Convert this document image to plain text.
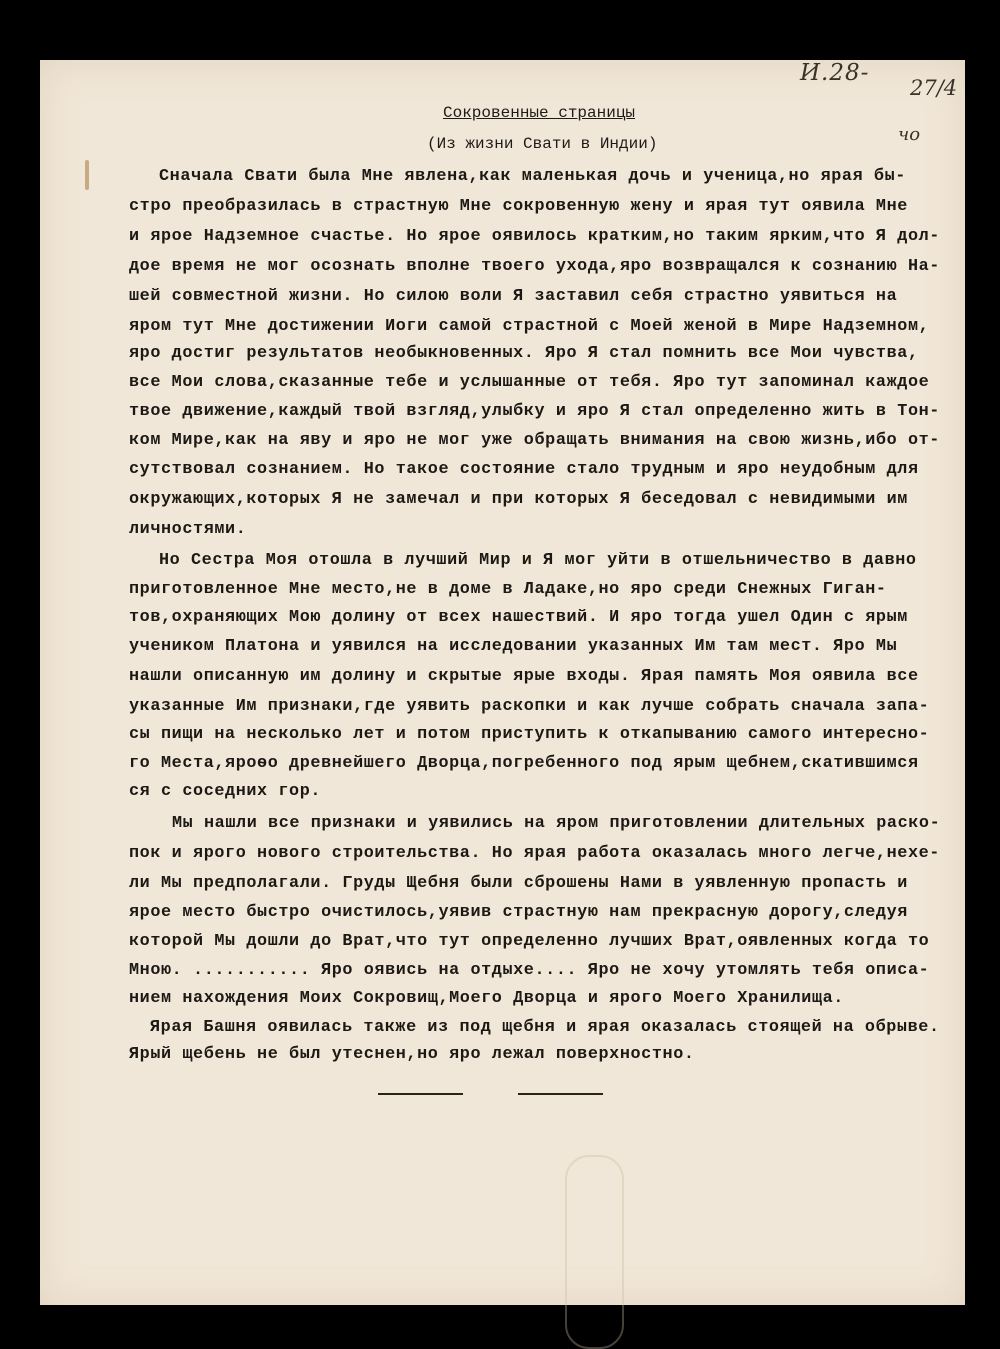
И.28-
27/4
чо
Сокровенные страницы
(Из жизни Свати в Индии)
Сначала Свати была Мне явлена,как маленькая дочь и ученица,но ярая бы-
стро преобразилась в страстную Мне сокровенную жену и ярая тут оявила Мне
и ярое Надземное счастье. Но ярое оявилось кратким,но таким ярким,что Я дол-
дое время не мог осознать вполне твоего ухода,яро возвращался к сознанию На-
шей совместной жизни. Но силою воли Я заставил себя страстно уявиться на
яром тут Мне достижении Иоги самой страстной с Моей женой в Мире Надземном,
яро достиг результатов необыкновенных. Яро Я стал помнить все Мои чувства,
все Мои слова,сказанные тебе и услышанные от тебя. Яро тут запоминал каждое
твое движение,каждый твой взгляд,улыбку и яро Я стал определенно жить в Тон-
ком Мире,как на яву и яро не мог уже обращать внимания на свою жизнь,ибо от-
сутствовал сознанием. Но такое состояние стало трудным и яро неудобным для
окружающих,которых Я не замечал и при которых Я беседовал с невидимыми им
личностями.
Но Сестра Моя отошла в лучший Мир и Я мог уйти в отшельничество в давно
приготовленное Мне место,не в доме в Ладаке,но яро среди Снежных Гиган-
тов,охраняющих Мою долину от всех нашествий. И яро тогда ушел Один с ярым
учеником Платона и уявился на исследовании указанных Им там мест. Яро Мы
нашли описанную им долину и скрытые ярые входы. Ярая память Моя оявила все
указанные Им признаки,где уявить раскопки и как лучше собрать сначала запа-
сы пищи на несколько лет и потом приступить к откапыванию самого интересно-
го Места,яроѳо древнейшего Дворца,погребенного под ярым щебнем,скатившимся
ся с соседних гор.
Мы нашли все признаки и уявились на яром приготовлении длительных раско-
пок и ярого нового строительства. Но ярая работа оказалась много легче,нехе-
ли Мы предполагали. Груды Щебня были сброшены Нами в уявленную пропасть и
ярое место быстро очистилось,уявив страстную нам прекрасную дорогу,следуя
которой Мы дошли до Врат,что тут определенно лучших Врат,оявленных когда то
Мною. ........... Яро оявись на отдыхе.... Яро не хочу утомлять тебя описа-
нием нахождения Моих Сокровищ,Моего Дворца и ярого Моего Хранилища.
Ярая Башня оявилась также из под щебня и ярая оказалась стоящей на обрыве.
Ярый щебень не был утеснен,но яро лежал поверхностно.
